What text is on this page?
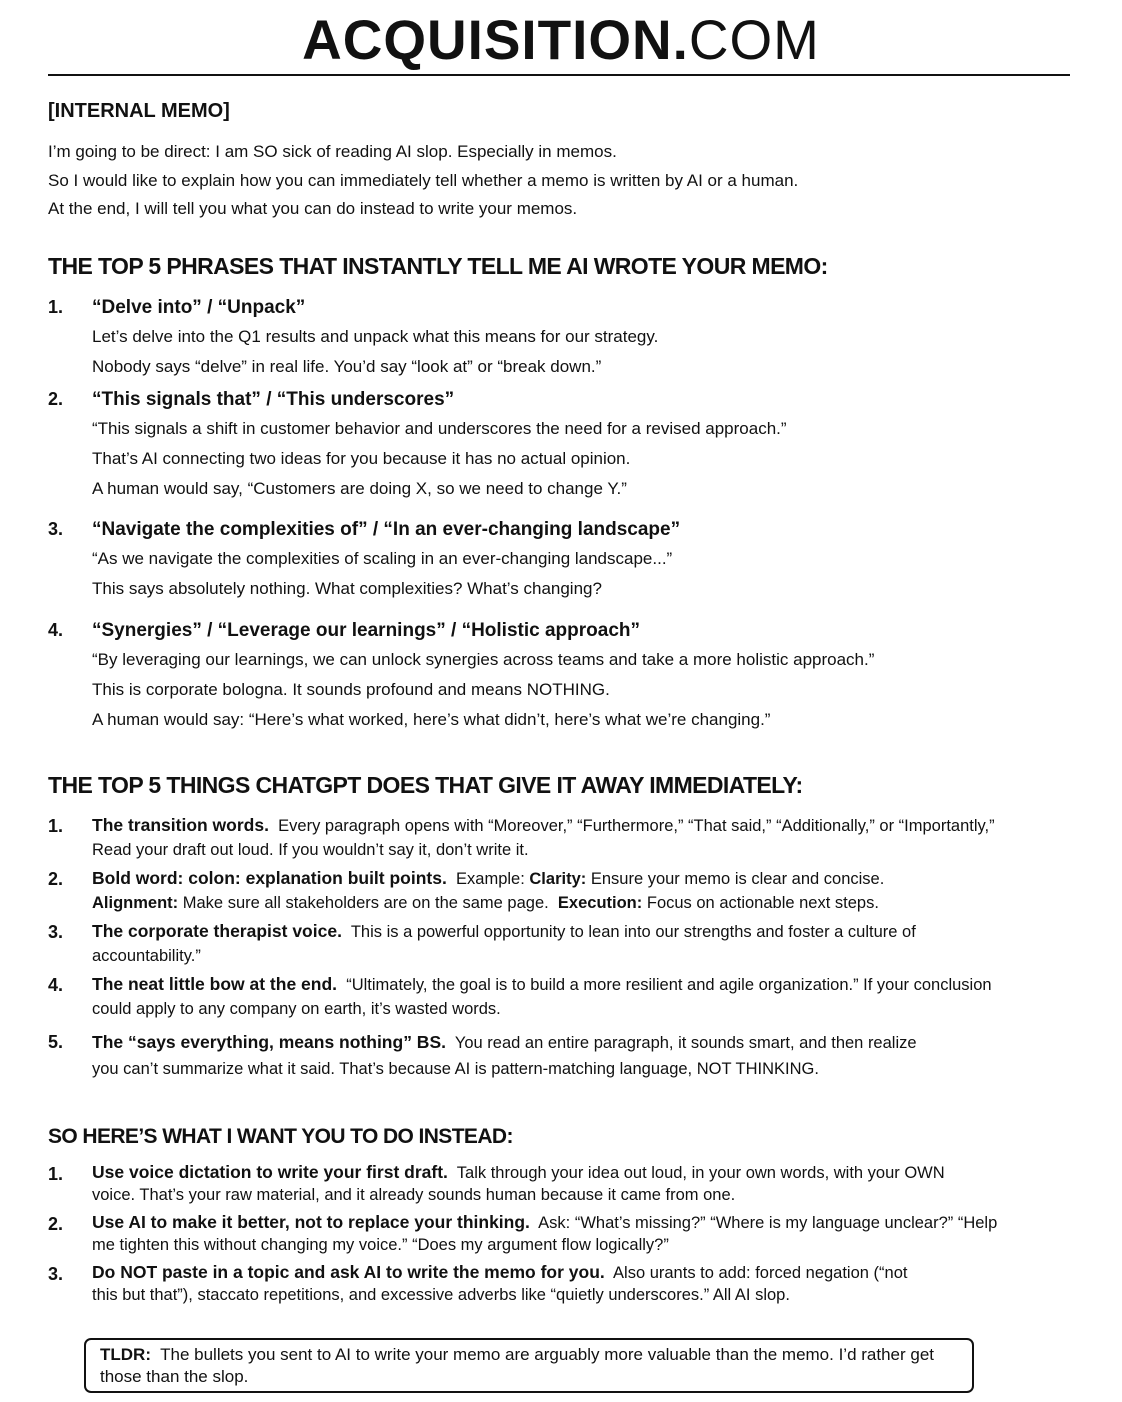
ACQUISITION.COM
[INTERNAL MEMO]
I’m going to be direct: I am SO sick of reading AI slop. Especially in memos.
So I would like to explain how you can immediately tell whether a memo is written by AI or a human.
At the end, I will tell you what you can do instead to write your memos.
THE TOP 5 PHRASES THAT INSTANTLY TELL ME AI WROTE YOUR MEMO:
1.	“Delve into” / “Unpack”
Let’s delve into the Q1 results and unpack what this means for our strategy.
Nobody says “delve” in real life. You’d say “look at” or “break down.”
2.	“This signals that” / “This underscores”
“This signals a shift in customer behavior and underscores the need for a revised approach.”
That’s AI connecting two ideas for you because it has no actual opinion.
A human would say, “Customers are doing X, so we need to change Y.”
3.	“Navigate the complexities of” / “In an ever-changing landscape”
“As we navigate the complexities of scaling in an ever-changing landscape...”
This says absolutely nothing. What complexities? What’s changing?
4.	“Synergies” / “Leverage our learnings” / “Holistic approach”
“By leveraging our learnings, we can unlock synergies across teams and take a more holistic approach.”
This is corporate bologna. It sounds profound and means NOTHING.
A human would say: “Here’s what worked, here’s what didn’t, here’s what we’re changing.”
THE TOP 5 THINGS CHATGPT DOES THAT GIVE IT AWAY IMMEDIATELY:
1.	The transition words. Every paragraph opens with “Moreover,” “Furthermore,” “That said,” “Additionally,” or “Importantly,” Read your draft out loud. If you wouldn’t say it, don’t write it.
2.	Bold word: colon: explanation built points. Example: Clarity: Ensure your memo is clear and concise.
Alignment: Make sure all stakeholders are on the same page. Execution: Focus on actionable next steps.
3.	The corporate therapist voice. This is a powerful opportunity to lean into our strengths and foster a culture of accountability.”
4.	The neat little bow at the end. “Ultimately, the goal is to build a more resilient and agile organization.” If your conclusion could apply to any company on earth, it’s wasted words.
5.	The “says everything, means nothing” BS. You read an entire paragraph, it sounds smart, and then realize you can’t summarize what it said. That’s because AI is pattern-matching language, NOT THINKING.
SO HERE’S WHAT I WANT YOU TO DO INSTEAD:
1.	Use voice dictation to write your first draft. Talk through your idea out loud, in your own words, with your OWN voice. That’s your raw material, and it already sounds human because it came from one.
2.	Use AI to make it better, not to replace your thinking. Ask: “What’s missing?” “Where is my language unclear?” “Help me tighten this without changing my voice.” “Does my argument flow logically?”
3.	Do NOT paste in a topic and ask AI to write the memo for you. Also urants to add: forced negation (“not this but that”), staccato repetitions, and excessive adverbs like “quietly underscores.” All AI slop.
TLDR: The bullets you sent to AI to write your memo are arguably more valuable than the memo. I’d rather get those than the slop.
